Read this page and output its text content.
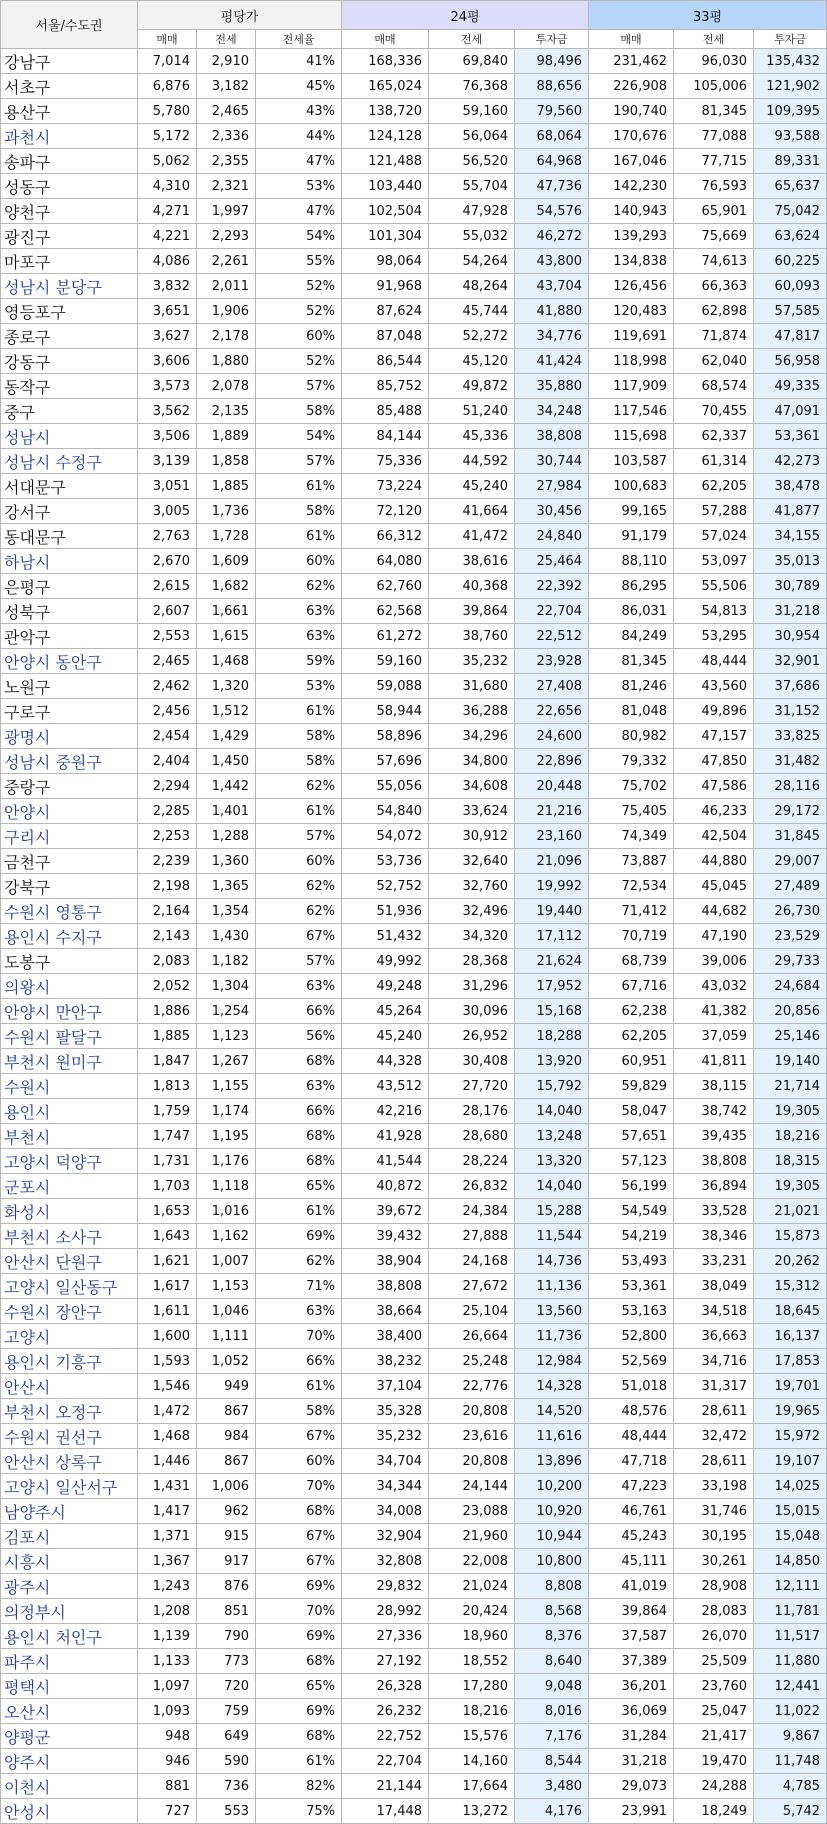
서울/수도권	평당가			24평			33평		
	매매	전세	전세율	매매	전세	투자금	매매	전세	투자금
강남구	7,014	2,910	41%	168,336	69,840	98,496	231,462	96,030	135,432
서초구	6,876	3,182	45%	165,024	76,368	88,656	226,908	105,006	121,902
용산구	5,780	2,465	43%	138,720	59,160	79,560	190,740	81,345	109,395
과천시	5,172	2,336	44%	124,128	56,064	68,064	170,676	77,088	93,588
송파구	5,062	2,355	47%	121,488	56,520	64,968	167,046	77,715	89,331
성동구	4,310	2,321	53%	103,440	55,704	47,736	142,230	76,593	65,637
양천구	4,271	1,997	47%	102,504	47,928	54,576	140,943	65,901	75,042
광진구	4,221	2,293	54%	101,304	55,032	46,272	139,293	75,669	63,624
마포구	4,086	2,261	55%	98,064	54,264	43,800	134,838	74,613	60,225
성남시 분당구	3,832	2,011	52%	91,968	48,264	43,704	126,456	66,363	60,093
영등포구	3,651	1,906	52%	87,624	45,744	41,880	120,483	62,898	57,585
종로구	3,627	2,178	60%	87,048	52,272	34,776	119,691	71,874	47,817
강동구	3,606	1,880	52%	86,544	45,120	41,424	118,998	62,040	56,958
동작구	3,573	2,078	57%	85,752	49,872	35,880	117,909	68,574	49,335
중구	3,562	2,135	58%	85,488	51,240	34,248	117,546	70,455	47,091
성남시	3,506	1,889	54%	84,144	45,336	38,808	115,698	62,337	53,361
성남시 수정구	3,139	1,858	57%	75,336	44,592	30,744	103,587	61,314	42,273
서대문구	3,051	1,885	61%	73,224	45,240	27,984	100,683	62,205	38,478
강서구	3,005	1,736	58%	72,120	41,664	30,456	99,165	57,288	41,877
동대문구	2,763	1,728	61%	66,312	41,472	24,840	91,179	57,024	34,155
하남시	2,670	1,609	60%	64,080	38,616	25,464	88,110	53,097	35,013
은평구	2,615	1,682	62%	62,760	40,368	22,392	86,295	55,506	30,789
성북구	2,607	1,661	63%	62,568	39,864	22,704	86,031	54,813	31,218
관악구	2,553	1,615	63%	61,272	38,760	22,512	84,249	53,295	30,954
안양시 동안구	2,465	1,468	59%	59,160	35,232	23,928	81,345	48,444	32,901
노원구	2,462	1,320	53%	59,088	31,680	27,408	81,246	43,560	37,686
구로구	2,456	1,512	61%	58,944	36,288	22,656	81,048	49,896	31,152
광명시	2,454	1,429	58%	58,896	34,296	24,600	80,982	47,157	33,825
성남시 중원구	2,404	1,450	58%	57,696	34,800	22,896	79,332	47,850	31,482
중랑구	2,294	1,442	62%	55,056	34,608	20,448	75,702	47,586	28,116
안양시	2,285	1,401	61%	54,840	33,624	21,216	75,405	46,233	29,172
구리시	2,253	1,288	57%	54,072	30,912	23,160	74,349	42,504	31,845
금천구	2,239	1,360	60%	53,736	32,640	21,096	73,887	44,880	29,007
강북구	2,198	1,365	62%	52,752	32,760	19,992	72,534	45,045	27,489
수원시 영통구	2,164	1,354	62%	51,936	32,496	19,440	71,412	44,682	26,730
용인시 수지구	2,143	1,430	67%	51,432	34,320	17,112	70,719	47,190	23,529
도봉구	2,083	1,182	57%	49,992	28,368	21,624	68,739	39,006	29,733
의왕시	2,052	1,304	63%	49,248	31,296	17,952	67,716	43,032	24,684
안양시 만안구	1,886	1,254	66%	45,264	30,096	15,168	62,238	41,382	20,856
수원시 팔달구	1,885	1,123	56%	45,240	26,952	18,288	62,205	37,059	25,146
부천시 원미구	1,847	1,267	68%	44,328	30,408	13,920	60,951	41,811	19,140
수원시	1,813	1,155	63%	43,512	27,720	15,792	59,829	38,115	21,714
용인시	1,759	1,174	66%	42,216	28,176	14,040	58,047	38,742	19,305
부천시	1,747	1,195	68%	41,928	28,680	13,248	57,651	39,435	18,216
고양시 덕양구	1,731	1,176	68%	41,544	28,224	13,320	57,123	38,808	18,315
군포시	1,703	1,118	65%	40,872	26,832	14,040	56,199	36,894	19,305
화성시	1,653	1,016	61%	39,672	24,384	15,288	54,549	33,528	21,021
부천시 소사구	1,643	1,162	69%	39,432	27,888	11,544	54,219	38,346	15,873
안산시 단원구	1,621	1,007	62%	38,904	24,168	14,736	53,493	33,231	20,262
고양시 일산동구	1,617	1,153	71%	38,808	27,672	11,136	53,361	38,049	15,312
수원시 장안구	1,611	1,046	63%	38,664	25,104	13,560	53,163	34,518	18,645
고양시	1,600	1,111	70%	38,400	26,664	11,736	52,800	36,663	16,137
용인시 기흥구	1,593	1,052	66%	38,232	25,248	12,984	52,569	34,716	17,853
안산시	1,546	949	61%	37,104	22,776	14,328	51,018	31,317	19,701
부천시 오정구	1,472	867	58%	35,328	20,808	14,520	48,576	28,611	19,965
수원시 권선구	1,468	984	67%	35,232	23,616	11,616	48,444	32,472	15,972
안산시 상록구	1,446	867	60%	34,704	20,808	13,896	47,718	28,611	19,107
고양시 일산서구	1,431	1,006	70%	34,344	24,144	10,200	47,223	33,198	14,025
남양주시	1,417	962	68%	34,008	23,088	10,920	46,761	31,746	15,015
김포시	1,371	915	67%	32,904	21,960	10,944	45,243	30,195	15,048
시흥시	1,367	917	67%	32,808	22,008	10,800	45,111	30,261	14,850
광주시	1,243	876	69%	29,832	21,024	8,808	41,019	28,908	12,111
의정부시	1,208	851	70%	28,992	20,424	8,568	39,864	28,083	11,781
용인시 처인구	1,139	790	69%	27,336	18,960	8,376	37,587	26,070	11,517
파주시	1,133	773	68%	27,192	18,552	8,640	37,389	25,509	11,880
평택시	1,097	720	65%	26,328	17,280	9,048	36,201	23,760	12,441
오산시	1,093	759	69%	26,232	18,216	8,016	36,069	25,047	11,022
양평군	948	649	68%	22,752	15,576	7,176	31,284	21,417	9,867
양주시	946	590	61%	22,704	14,160	8,544	31,218	19,470	11,748
이천시	881	736	82%	21,144	17,664	3,480	29,073	24,288	4,785
안성시	727	553	75%	17,448	13,272	4,176	23,991	18,249	5,742
